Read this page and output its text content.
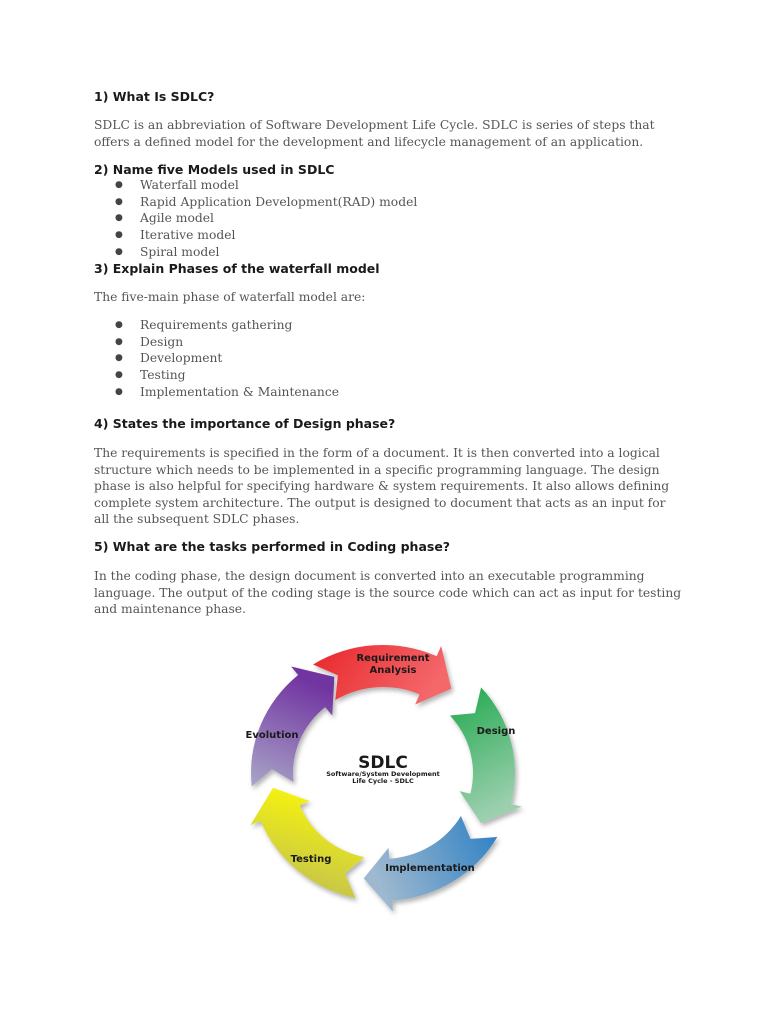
1) What Is SDLC?

SDLC is an abbreviation of Software Development Life Cycle. SDLC is series of steps that offers a defined model for the development and lifecycle management of an application.

2) Name five Models used in SDLC
● Waterfall model
● Rapid Application Development(RAD) model
● Agile model
● Iterative model
● Spiral model
3) Explain Phases of the waterfall model

The five-main phase of waterfall model are:

● Requirements gathering
● Design
● Development
● Testing
● Implementation & Maintenance
4) States the importance of Design phase?

The requirements is specified in the form of a document. It is then converted into a logical structure which needs to be implemented in a specific programming language. The design phase is also helpful for specifying hardware & system requirements. It also allows defining complete system architecture. The output is designed to document that acts as an input for all the subsequent SDLC phases.

5) What are the tasks performed in Coding phase?

In the coding phase, the design document is converted into an executable programming language. The output of the coding stage is the source code which can act as input for testing and maintenance phase.

Requirement
Analysis
Design
Implementation
Testing
Evolution
SDLC
Software/System Development
Life Cycle - SDLC
